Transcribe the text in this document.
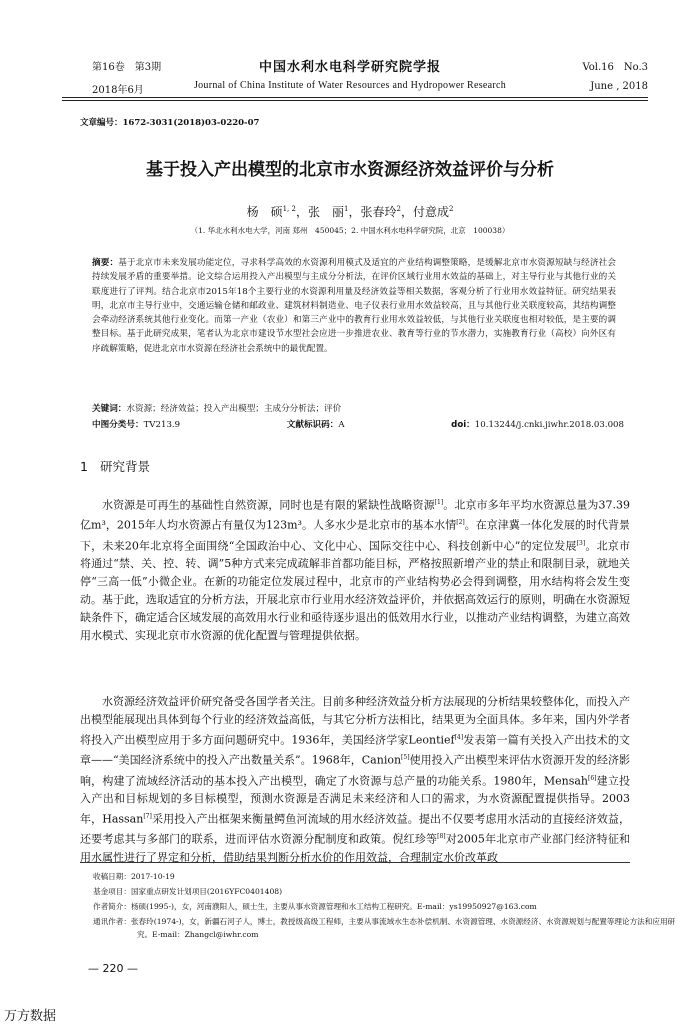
第16卷　第3期
2018年6月
中国水利水电科学研究院学报
Journal of China Institute of Water Resources and Hydropower Research
Vol.16　No.3
June , 2018
文章编号：1672-3031(2018)03-0220-07
基于投入产出模型的北京市水资源经济效益评价与分析
杨　硕$^{1, 2}$，张　丽$^1$，张春玲$^2$，付意成$^2$
（1. 华北水利水电大学，河南 郑州　450045；2. 中国水利水电科学研究院，北京　100038）
摘要：基于北京市未来发展功能定位，寻求科学高效的水资源利用模式及适宜的产业结构调整策略，是缓解北京市水资源短缺与经济社会持续发展矛盾的重要举措。论文综合运用投入产出模型与主成分分析法，在评价区域行业用水效益的基础上，对主导行业与其他行业的关联度进行了评判。结合北京市2015年18个主要行业的水资源利用量及经济效益等相关数据，客观分析了行业用水效益特征。研究结果表明，北京市主导行业中，交通运输仓储和邮政业、建筑材料制造业、电子仪表行业用水效益较高，且与其他行业关联度较高，其结构调整会牵动经济系统其他行业变化。而第一产业（农业）和第三产业中的教育行业用水效益较低，与其他行业关联度也相对较低，是主要的调整目标。基于此研究成果，笔者认为北京市建设节水型社会应进一步推进农业、教育等行业的节水潜力，实施教育行业（高校）向外区有序疏解策略，促进北京市水资源在经济社会系统中的最优配置。
关键词：水资源；经济效益；投入产出模型；主成分分析法；评价
中图分类号：TV213.9	文献标识码：A	doi：10.13244/j.cnki.jiwhr.2018.03.008
1 研究背景
水资源是可再生的基础性自然资源，同时也是有限的紧缺性战略资源[1]。北京市多年平均水资源总量为37.39亿m³，2015年人均水资源占有量仅为123m³。人多水少是北京市的基本水情[2]。在京津冀一体化发展的时代背景下，未来20年北京将全面围绕“全国政治中心、文化中心、国际交往中心、科技创新中心”的定位发展[3]。北京市将通过“禁、关、控、转、调”5种方式来完成疏解非首都功能目标，严格按照新增产业的禁止和限制目录，就地关停“三高一低”小微企业。在新的功能定位发展过程中，北京市的产业结构势必会得到调整，用水结构将会发生变动。基于此，选取适宜的分析方法，开展北京市行业用水经济效益评价，并依据高效运行的原则，明确在水资源短缺条件下，确定适合区域发展的高效用水行业和亟待逐步退出的低效用水行业，以推动产业结构调整，为建立高效用水模式、实现北京市水资源的优化配置与管理提供依据。
水资源经济效益评价研究备受各国学者关注。目前多种经济效益分析方法展现的分析结果较整体化，而投入产出模型能展现出具体到每个行业的经济效益高低，与其它分析方法相比，结果更为全面具体。多年来，国内外学者将投入产出模型应用于多方面问题研究中。1936年，美国经济学家Leontief[4]发表第一篇有关投入产出技术的文章——“美国经济系统中的投入产出数量关系”。1968年，Canion[5]使用投入产出模型来评估水资源开发的经济影响，构建了流域经济活动的基本投入产出模型，确定了水资源与总产量的功能关系。1980年，Mensah[6]建立投入产出和目标规划的多目标模型，预测水资源是否满足未来经济和人口的需求，为水资源配置提供指导。2003年，Hassan[7]采用投入产出框架来衡量鳄鱼河流域的用水经济效益。提出不仅要考虑用水活动的直接经济效益，还要考虑其与多部门的联系，进而评估水资源分配制度和政策。倪红珍等[8]对2005年北京市产业部门经济特征和用水属性进行了界定和分析，借助结果判断分析水价的作用效益，合理制定水价改革政
收稿日期：2017-10-19
基金项目：国家重点研发计划项目(2016YFC0401408)
作者简介：杨硕(1995-)，女，河南濮阳人，硕士生，主要从事水资源管理和水工结构工程研究。E-mail：ys19950927@163.com
通讯作者：张春玲(1974-)，女，新疆石河子人，博士，教授级高级工程师，主要从事流域水生态补偿机制、水资源管理、水资源经济、水资源规划与配置等理论方法和应用研究。E-mail：Zhangcl@iwhr.com
— 220 —
万方数据
